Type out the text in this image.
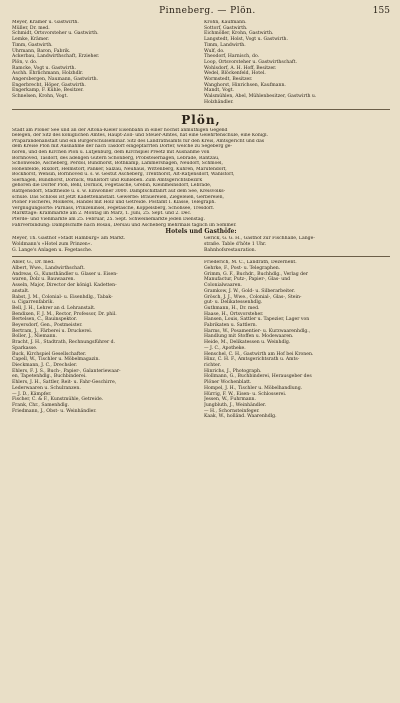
Pinneberg. — Plön.	155
Meyer, Krämer u. Gastwirth.
Müller, Dr. med.
Schmidt, Ortsvorsteher u. Gastwirth.
Lemke, Krämer.
Timm, Gastwirth.
Uhrmann, Baron, Fabrik.
Ackerbau, Landwirthschaft, Erzieher.
Plön, v. do.
Ramcke, Vogt u. Gastwirth.
Aschh. Ehrlichmann, Holzhdlr.
Angersbergen, Naumann, Gastwirth.
Engerbrecht, Höper, Gastwirth.
Engerkamp, F. Kühle, Besitzer.
Schnelsen, Krohn, Vogt.
Krohn, Kaufmann.
Sottorf, Gastwirth.
Eichmöller, Krohn, Gastwirth.
Langstedt, Holst, Vogt u. Gastwirth.
Timm, Landwirth.
Wulf, do.
Theodorf, Harnisch, do.
Loop, Ortsvorsteher u. Gastwirthschaft.
Wohlsdorf, A. H. Hoff, Besitzer.
Wedel, Blöckenfeld, Hotel.
Wormstedt, Besitzer.
Wanghorst, Hinrichsen, Kaufmann.
Mandt, Vogt.
Walsmühlen, Abel, Mühlenbesitzer, Gastwirth u.
Holzhändler.
Plön,
Stadt am Plöner See und an der Altona-Kieler Eisenbahn in einer höchst anmuthigen Gegend
belegen, der Sitz des königlichen Amtes, Haupt-Zoll- und Steuer-Amtes, hat eine Gelehrtenschule, eine Königl.
Präparandenanstalt und ein Bürgerschulseminar. Sitz des Landrathsamts für den Kreis, Amtsgericht und das
dem Kreise Plön mit Ausnahme der nach Tasdorf eingepfarrten Dörfer, welche zu Segeberg ge-
hören, und den Kirchen Plön u. Lütjenburg, dem Kirchspiel Preetz mit Ausnahme von
Bornhöved, Tasdorf, des adeligen Gütern Schönberg, Probsteierhagen, Lebrade, Rantzau,
Schönweide, Ascheberg, Perdöl, Bundhorst, Bothkamp, Lammershagen, Neudorf, Schmoel,
Hohenfelde, Rixdorf, Helmstorf, Panker, Salzau, Neuhaus, Wittenberg, Kühren, Marutendorf,
Bockhorst, Wensin, Bornhöved u. s. w. Gestüt Ascheberg, Trenthorst, Alt-Ratjensdorf, Wahlstorf,
Sierhagen, Bundhorst, Dörnick, Wahlstorf und Ruhleben. Zum Amtsgerichtsbezirk
gehören die Dörfer Plön, Behl, Dörnick, Fegetasche, Grebin, Kleinmeinsdorf, Lebrade,
Rathjensdorf, Stadtheide u. s. w. Einwohner 3000. Dampfschiffahrt auf dem See, Kreisvolks-
schule. Das Schloss ist jetzt Kadettenanstalt. Gewerbe: Brauereien, Ziegeleien, Gerbereien,
Plöner Fischerei, Molkerei, Handel mit Holz und Getreide. Postamt I. Klasse, Telegraph.
Vergnügungsorte: Parnass, Prinzeninsel, Fegetasche, Koppelsberg, Schöhsee, Tresdorf.
Markttage: Krammärkte am 2. Montag im März, 1. Juni, 25. Sept. und 2. Dec.
Pferde- und Viehmärkte am 25. Februar, 25. Sept. Schweinemärkte jeden Dienstag.
Fährverbindung: Dampfschiffe nach Bosau, Dersau und Ascheberg mehrmals täglich im Sommer.
Hotels und Gasthöfe:
Meyer, Th. Gasthof »Stadt Hamburg« am Markt.
Woldmann's »Hotel zum Prinzen«.
G. Lange's Anlagen u. Fegetasche.
Gerick, G. G. H., Gasthof zur Fischhalle, Lange-
straße. Table d'hôte 1 Uhr.
Bahnhofsrestauration.
Abler, G., Dr. med.
Albert, Wwe., Landwirthschaft.
Andreas, G., Kunsthändler u. Glaser u. Eisen-
waren, Dolz u. Bauwaaren.
Asseln, Major, Director der königl. Kadetten-
anstalt.
Babst, J. M., Colonial- u. Eisenhdlg., Tabak-
u. Cigarrenfabrik.
Bell, J. H., Lehrer an d. Lehranstalt.
Bendixen, F. J. M., Rector, Professor, Dr. phil.
Bertelsen, C., Bauinspektor.
Beyersdorf, Gen., Postmeister.
Bertram, J., Färberei u. Druckerei.
Boller, J., Niemann.
Bracht, J. H., Stadtrath, Rechnungsführer d.
Sparkasse.
Buck, Kirchspiel Gesellschafter.
Capell, W., Tischler u. Möbelmagazin.
Dieckmann, J. C., Drechsler.
Ehlers, F. J. S., Buch-, Papier-, Galanteriewaar-
en, Tapetenhdlg., Buchbinderei.
Ehlers, J. H., Sattler, Reit- u. Fahr-Geschirre,
Lederwaaren u. Schulranzen.
— J. D., Kämpfer.
Fischer, C. & F., Kunstmühle, Getreide.
Frank, Chr., Samenhdlg.
Friedmann, J., Obst- u. Weinhändler.
Friederich, M. C., Landrath, Dezernent.
Gehrke, F., Post- u. Telegraphen.
Grimm, G. F., Buchdr., Buchhdlg., Verlag der
Manufactur, Putz-, Papier-, Glas- und
Colonialwaaren.
Gramkow, J. W., Gold- u. Silberarbeiter.
Grösch, J. J., Wwe., Colonial-, Glas-, Stein-
gut- u. Delikatessenhdlg.
Guthmann, H., Dr. med.
Haase, H., Ortsvorsteher.
Hansen, Louis, Sattler u. Tapezier, Lager von
Fabrikaten u. Sattlern.
Harms, W., Posamentier- u. Kurzwaarenhdlg.,
Handlung mit Stoffen u. Modewaaren.
Heide, M., Delikatessen u. Weinhdlg.
— J. C., Apotheke.
Henschel, C. H., Gastwirth am Hof bei Kronen.
Hinz, C. H. F., Amtsgerichtsrath u. Amts-
richter.
Hinrichs, J., Photograph.
Hollmann, G., Buchbinderei, Herausgeber des
Plöner Wochenblatt.
Hompel, J. H., Tischler u. Möbelhandlung.
Hürrig, F. W., Eisen- u. Schlosserei.
Jessen, W., Fuhrmann.
Jungbluth, J., Weinhändler.
— H., Schornsteinfeger.
Kaak, W., holländ. Waarenhdlg.
